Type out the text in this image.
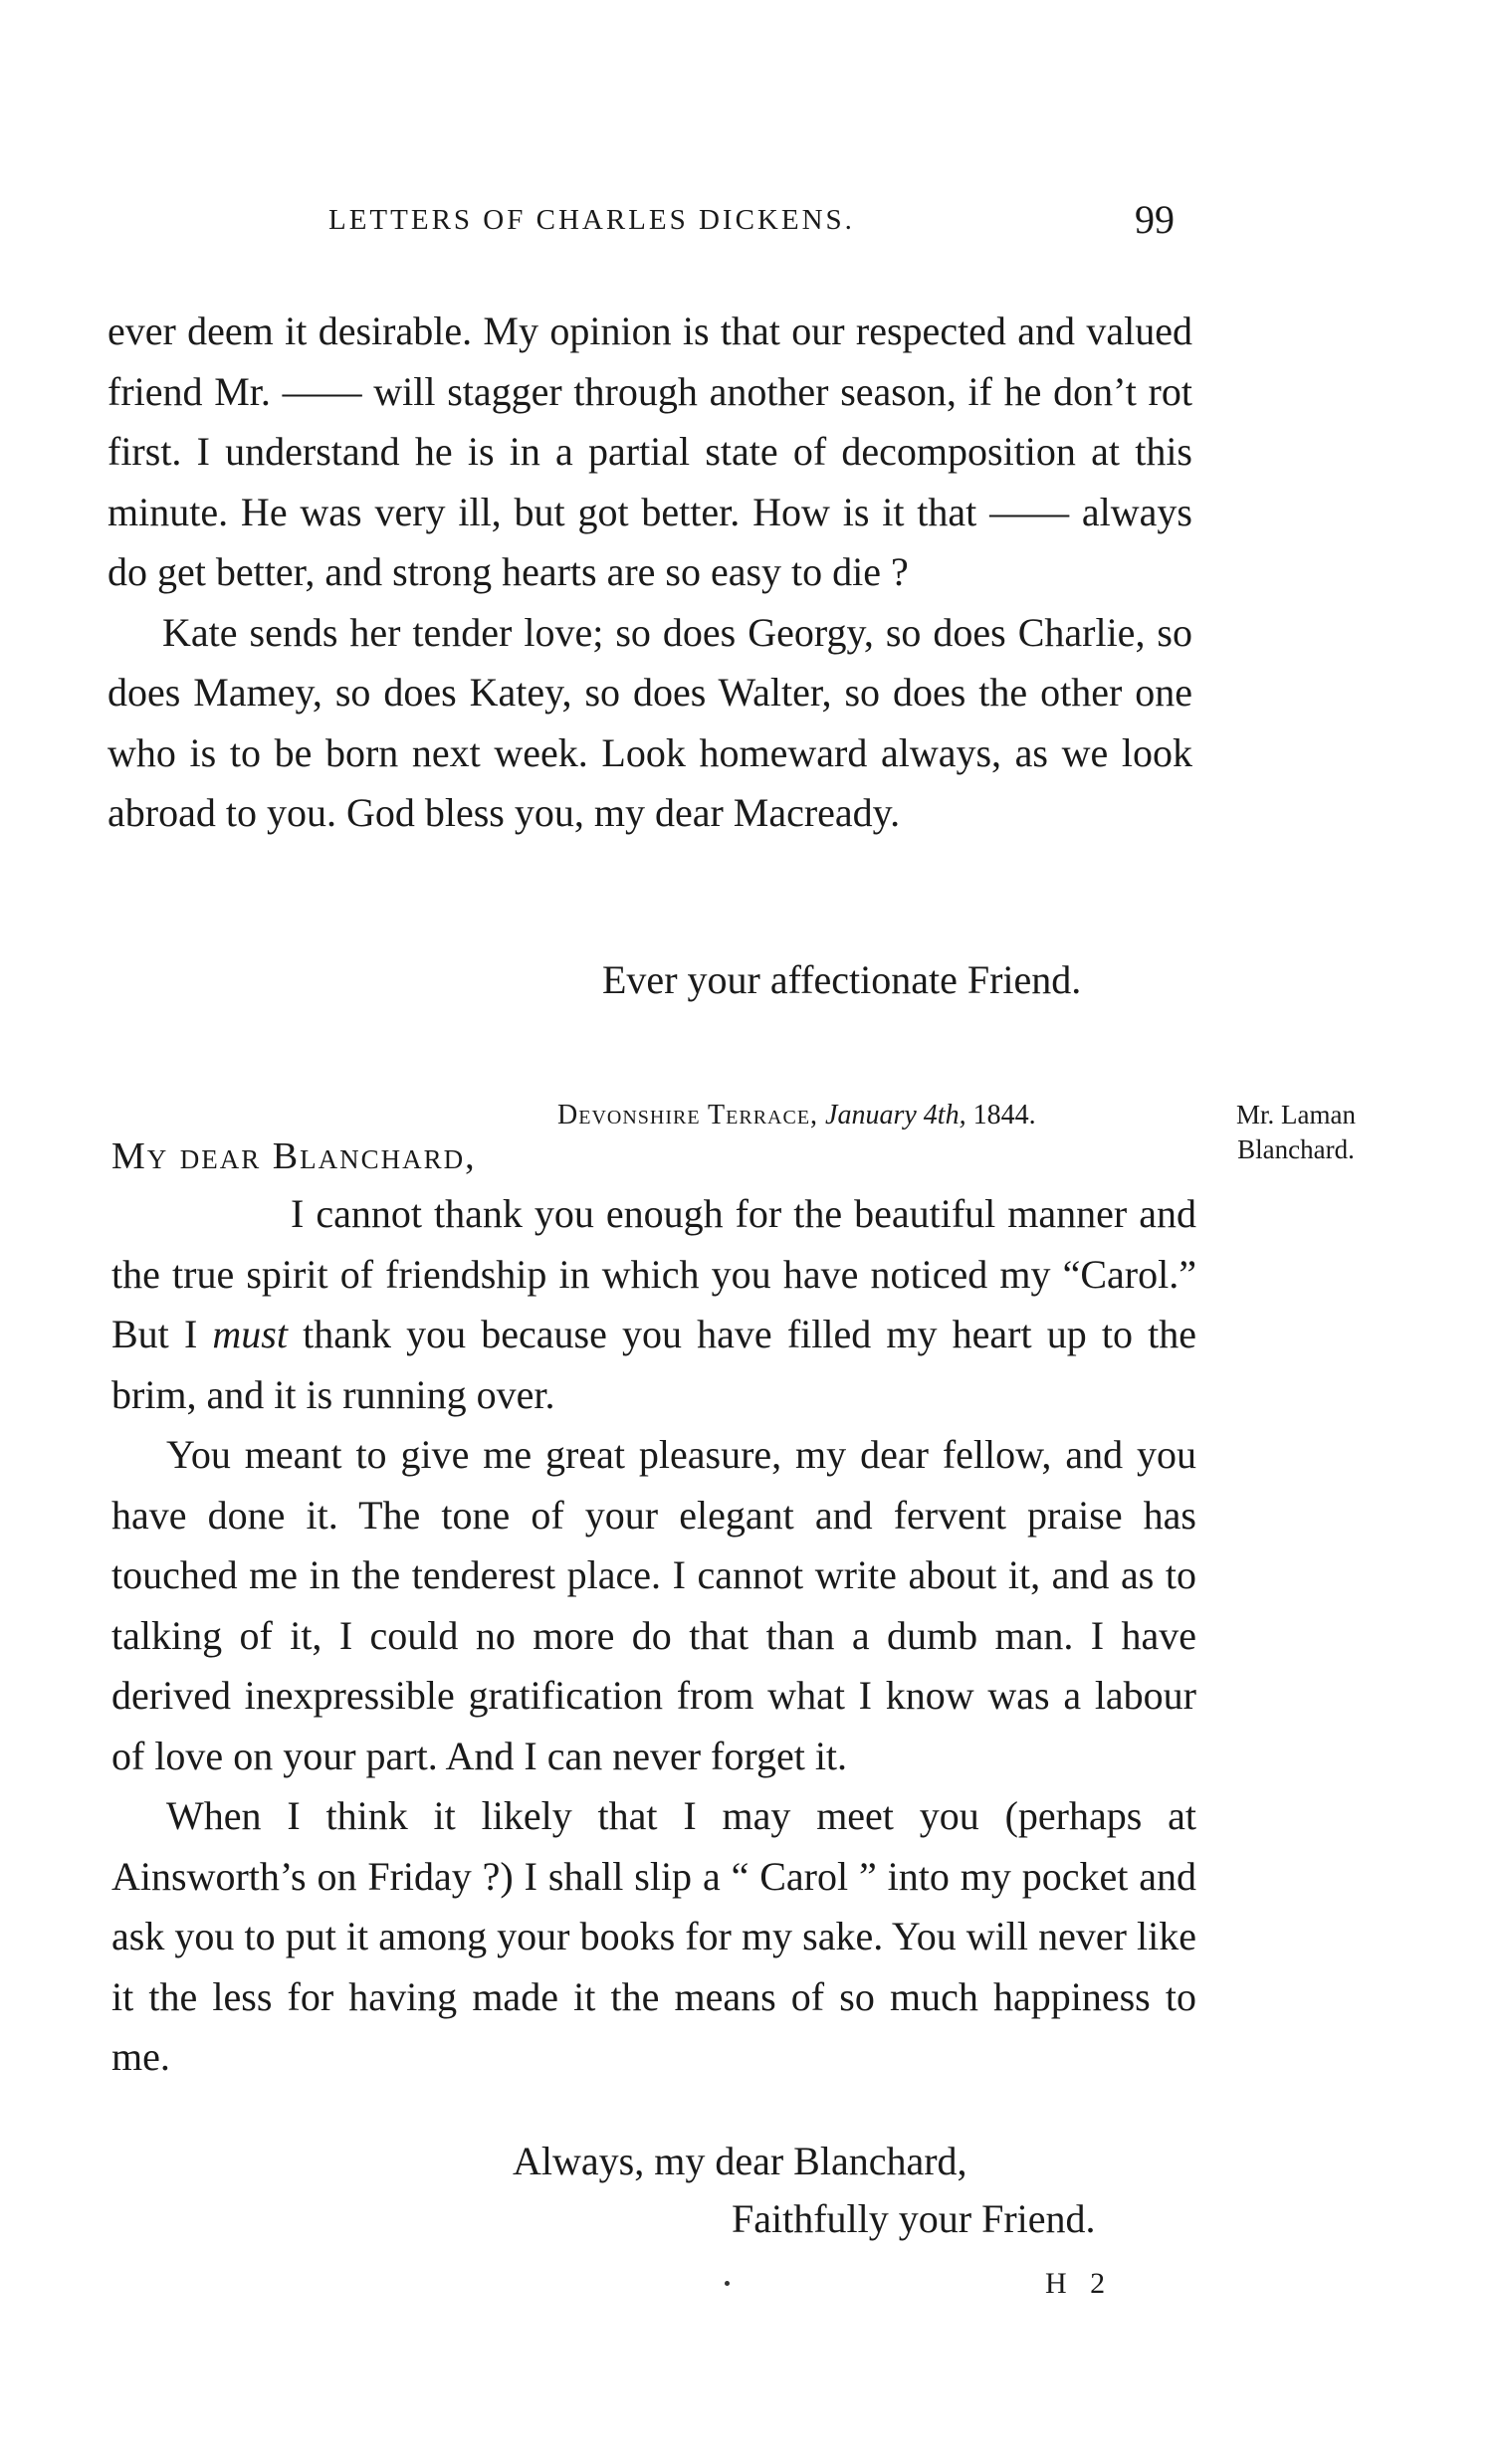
LETTERS OF CHARLES DICKENS.	99

ever deem it desirable. My opinion is that our respected and valued friend Mr. —— will stagger through another season, if he don’t rot first. I understand he is in a partial state of decomposition at this minute. He was very ill, but got better. How is it that —— always do get better, and strong hearts are so easy to die ?

Kate sends her tender love; so does Georgy, so does Charlie, so does Mamey, so does Katey, so does Walter, so does the other one who is to be born next week. Look homeward always, as we look abroad to you. God bless you, my dear Macready.

Ever your affectionate Friend.
Devonshire Terrace, January 4th, 1844.	Mr. Laman
Blanchard.
My dear Blanchard,

I cannot thank you enough for the beautiful manner and the true spirit of friendship in which you have noticed my “Carol.” But I must thank you because you have filled my heart up to the brim, and it is running over.

You meant to give me great pleasure, my dear fellow, and you have done it. The tone of your elegant and fervent praise has touched me in the tenderest place. I cannot write about it, and as to talking of it, I could no more do that than a dumb man. I have derived inexpressible gratification from what I know was a labour of love on your part. And I can never forget it.

When I think it likely that I may meet you (perhaps at Ainsworth’s on Friday ?) I shall slip a “ Carol ” into my pocket and ask you to put it among your books for my sake. You will never like it the less for having made it the means of so much happiness to me.

Always, my dear Blanchard,
Faithfully your Friend.
H 2
